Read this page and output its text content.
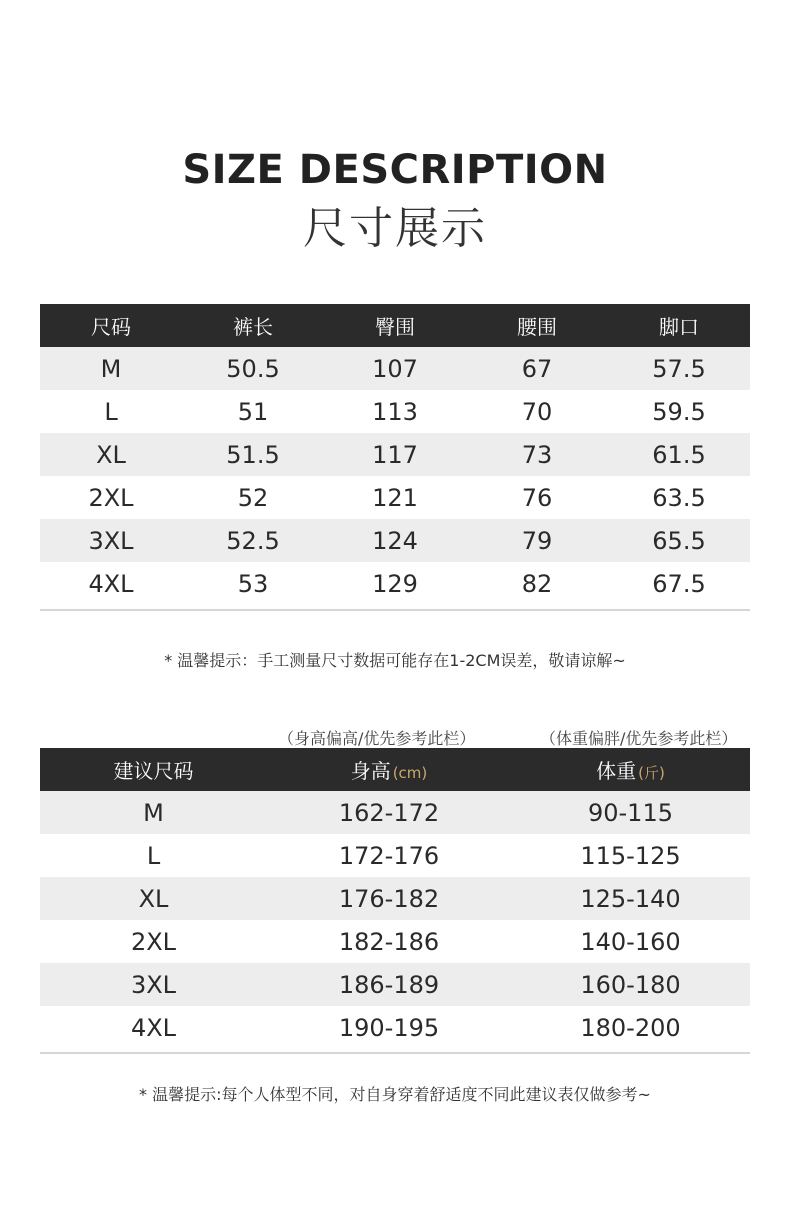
SIZE DESCRIPTION
尺寸展示
尺码	裤长	臀围	腰围	脚口
M	50.5	107	67	57.5
L	51	113	70	59.5
XL	51.5	117	73	61.5
2XL	52	121	76	63.5
3XL	52.5	124	79	65.5
4XL	53	129	82	67.5

* 温馨提示：手工测量尺寸数据可能存在1-2CM误差，敬请谅解~

（身高偏高/优先参考此栏）	（体重偏胖/优先参考此栏）
建议尺码	身高 (cm)	体重 (斤)
M	162-172	90-115
L	172-176	115-125
XL	176-182	125-140
2XL	182-186	140-160
3XL	186-189	160-180
4XL	190-195	180-200

* 温馨提示:每个人体型不同，对自身穿着舒适度不同此建议表仅做参考~
